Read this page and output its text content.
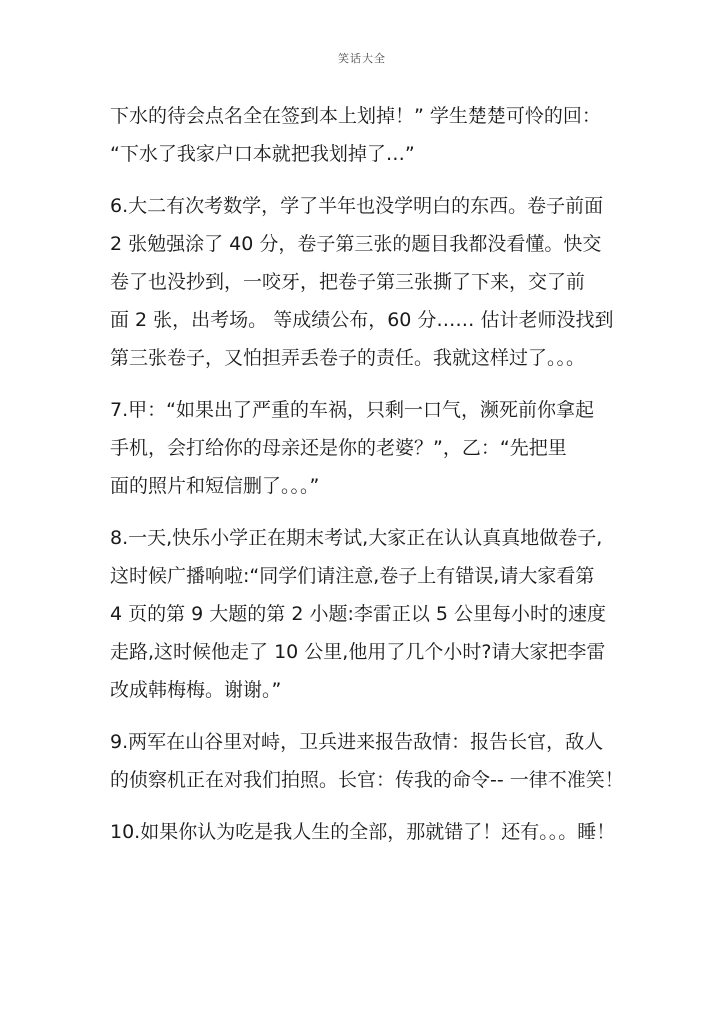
笑话大全
下水的待会点名全在签到本上划掉！” 学生楚楚可怜的回：
“下水了我家户口本就把我划掉了…”
6.大二有次考数学，学了半年也没学明白的东西。卷子前面
2 张勉强涂了 40 分，卷子第三张的题目我都没看懂。快交
卷了也没抄到，一咬牙，把卷子第三张撕了下来，交了前
面 2 张，出考场。 等成绩公布，60 分…… 估计老师没找到
第三张卷子，又怕担弄丢卷子的责任。我就这样过了。。。
7.甲：“如果出了严重的车祸，只剩一口气，濒死前你拿起
手机，会打给你的母亲还是你的老婆？”，乙：“先把里
面的照片和短信删了。。。”
8.一天,快乐小学正在期末考试,大家正在认认真真地做卷子,
这时候广播响啦:“同学们请注意,卷子上有错误,请大家看第
4 页的第 9 大题的第 2 小题:李雷正以 5 公里每小时的速度
走路,这时候他走了 10 公里,他用了几个小时?请大家把李雷
改成韩梅梅。谢谢。”
9.两军在山谷里对峙，卫兵进来报告敌情：报告长官，敌人
的侦察机正在对我们拍照。长官：传我的命令-- 一律不准笑！
10.如果你认为吃是我人生的全部，那就错了！还有。。。睡！
